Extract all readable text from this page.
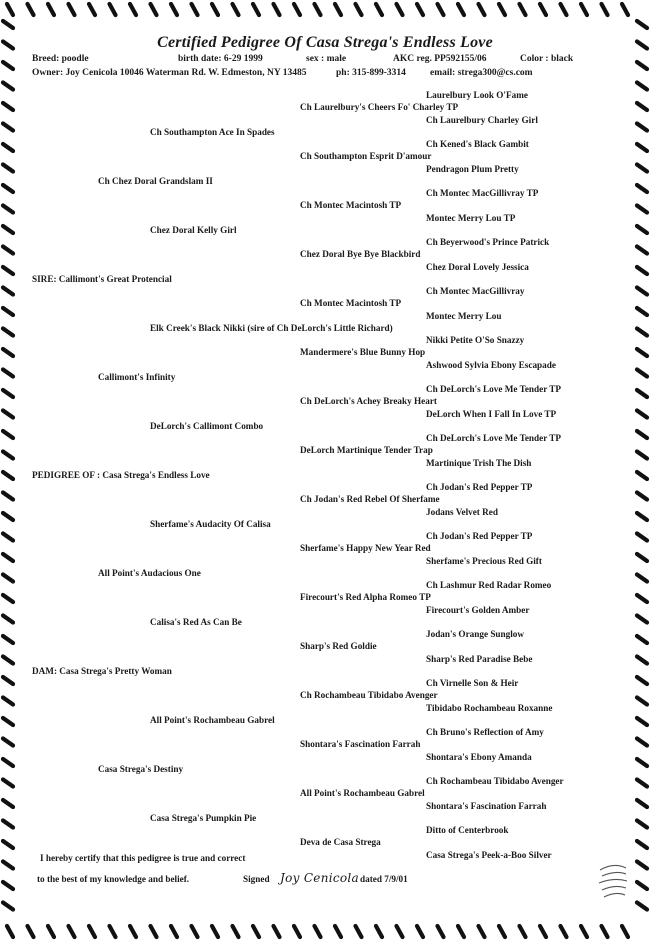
Certified Pedigree Of Casa Strega's Endless Love
Breed: poodle	birth date: 6-29 1999	sex : male	AKC reg. PP592155/06	Color : black
Owner: Joy Cenicola 10046 Waterman Rd. W. Edmeston, NY 13485	ph: 315-899-3314	email: strega300@cs.com
Laurelbury Look O'Fame
Ch Laurelbury's Cheers Fo' Charley TP
Ch Laurelbury Charley Girl
Ch Southampton Ace In Spades
Ch Kened's Black Gambit
Ch Southampton Esprit D'amour
Pendragon Plum Pretty
Ch Chez Doral Grandslam II
Ch Montec MacGillivray TP
Ch Montec Macintosh TP
Montec Merry Lou TP
Chez Doral Kelly Girl
Ch Beyerwood's Prince Patrick
Chez Doral Bye Bye Blackbird
Chez Doral Lovely Jessica
SIRE: Callimont's Great Protencial
Ch Montec MacGillivray
Ch Montec Macintosh TP
Montec Merry Lou
Elk Creek's Black Nikki (sire of Ch DeLorch's Little Richard)
Nikki Petite O'So Snazzy
Mandermere's Blue Bunny Hop
Ashwood Sylvia Ebony Escapade
Callimont's Infinity
Ch DeLorch's Love Me Tender TP
Ch DeLorch's Achey Breaky Heart
DeLorch When I Fall In Love TP
DeLorch's Callimont Combo
Ch DeLorch's Love Me Tender TP
DeLorch Martinique Tender Trap
Martinique Trish The Dish
PEDIGREE OF : Casa Strega's Endless Love
Ch Jodan's Red Pepper TP
Ch Jodan's Red Rebel Of Sherfame
Jodans Velvet Red
Sherfame's Audacity Of Calisa
Ch Jodan's Red Pepper TP
Sherfame's Happy New Year Red
Sherfame's Precious Red Gift
All Point's Audacious One
Ch Lashmur Red Radar Romeo
Firecourt's Red Alpha Romeo TP
Firecourt's Golden Amber
Calisa's Red As Can Be
Jodan's Orange Sunglow
Sharp's Red Goldie
Sharp's Red Paradise Bebe
DAM: Casa Strega's Pretty Woman
Ch Virnelle Son & Heir
Ch Rochambeau Tibidabo Avenger
Tibidabo Rochambeau Roxanne
All Point's Rochambeau Gabrel
Ch Bruno's Reflection of Amy
Shontara's Fascination Farrah
Shontara's Ebony Amanda
Casa Strega's Destiny
Ch Rochambeau Tibidabo Avenger
All Point's Rochambeau Gabrel
Shontara's Fascination Farrah
Casa Strega's Pumpkin Pie
Ditto of Centerbrook
Deva de Casa Strega
Casa Strega's Peek-a-Boo Silver
I hereby certify that this pedigree is true and correct
to the best of my knowledge and belief.	Signed Joy Cenicola dated 7/9/01
